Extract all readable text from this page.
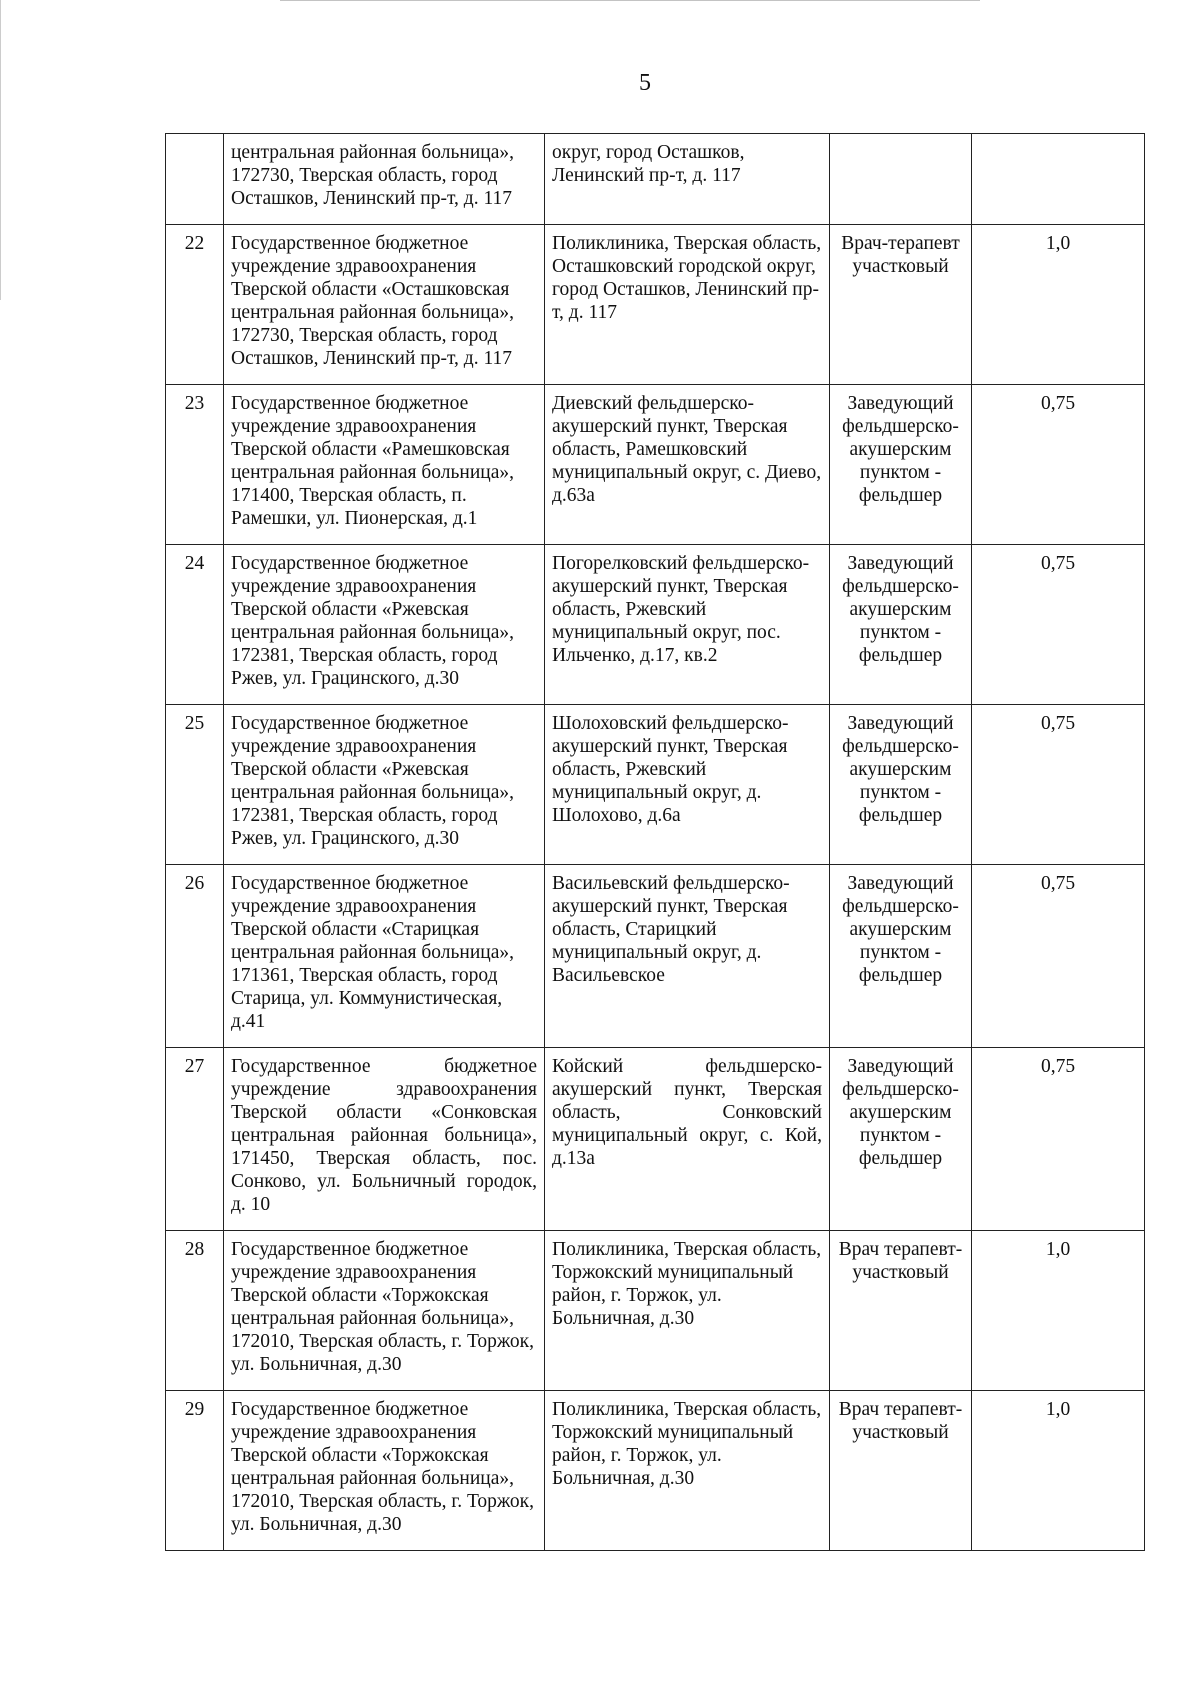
5
	центральная районная больница», 172730, Тверская область, город Осташков, Ленинский пр-т, д. 117	округ, город Осташков, Ленинский пр-т, д. 117		
22	Государственное бюджетное учреждение здравоохранения Тверской области «Осташковская центральная районная больница», 172730, Тверская область, город Осташков, Ленинский пр-т, д. 117	Поликлиника, Тверская область, Осташковский городской округ, город Осташков, Ленинский пр-т, д. 117	Врач-терапевт участковый	1,0
23	Государственное бюджетное учреждение здравоохранения Тверской области «Рамешковская центральная районная больница», 171400, Тверская область, п. Рамешки, ул. Пионерская, д.1	Диевский фельдшерско-акушерский пункт, Тверская область, Рамешковский муниципальный округ, с. Диево, д.63а	Заведующий фельдшерско-акушерским пунктом - фельдшер	0,75
24	Государственное бюджетное учреждение здравоохранения Тверской области «Ржевская центральная районная больница», 172381, Тверская область, город Ржев, ул. Грацинского, д.30	Погорелковский фельдшерско-акушерский пункт, Тверская область, Ржевский муниципальный округ, пос. Ильченко, д.17, кв.2	Заведующий фельдшерско-акушерским пунктом - фельдшер	0,75
25	Государственное бюджетное учреждение здравоохранения Тверской области «Ржевская центральная районная больница», 172381, Тверская область, город Ржев, ул. Грацинского, д.30	Шолоховский фельдшерско-акушерский пункт, Тверская область, Ржевский муниципальный округ, д. Шолохово, д.6а	Заведующий фельдшерско-акушерским пунктом - фельдшер	0,75
26	Государственное бюджетное учреждение здравоохранения Тверской области «Старицкая центральная районная больница», 171361, Тверская область, город Старица, ул. Коммунистическая, д.41	Васильевский фельдшерско-акушерский пункт, Тверская область, Старицкий муниципальный округ, д. Васильевское	Заведующий фельдшерско-акушерским пунктом - фельдшер	0,75
27	Государственное бюджетное учреждение здравоохранения Тверской области «Сонковская центральная районная больница», 171450, Тверская область, пос. Сонково, ул. Больничный городок, д. 10	Койский фельдшерско-акушерский пункт, Тверская область, Сонковский муниципальный округ, с. Кой, д.13а	Заведующий фельдшерско-акушерским пунктом - фельдшер	0,75
28	Государственное бюджетное учреждение здравоохранения Тверской области «Торжокская центральная районная больница», 172010, Тверская область, г. Торжок, ул. Больничная, д.30	Поликлиника, Тверская область, Торжокский муниципальный район, г. Торжок, ул. Больничная, д.30	Врач терапевт-участковый	1,0
29	Государственное бюджетное учреждение здравоохранения Тверской области «Торжокская центральная районная больница», 172010, Тверская область, г. Торжок, ул. Больничная, д.30	Поликлиника, Тверская область, Торжокский муниципальный район, г. Торжок, ул. Больничная, д.30	Врач терапевт-участковый	1,0
